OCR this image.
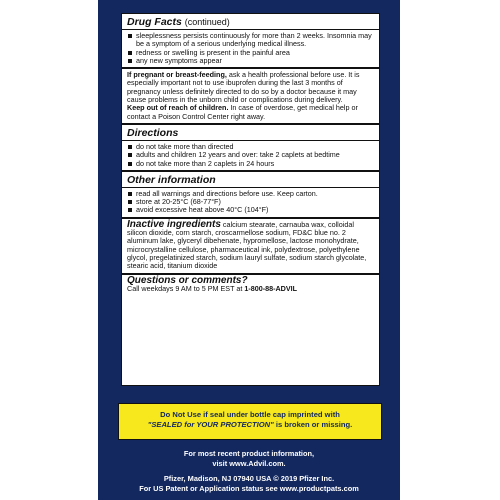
Drug Facts (continued)
sleeplessness persists continuously for more than 2 weeks. Insomnia may be a symptom of a serious underlying medical illness.
redness or swelling is present in the painful area
any new symptoms appear

If pregnant or breast-feeding, ask a health professional before use. It is especially important not to use ibuprofen during the last 3 months of pregnancy unless definitely directed to do so by a doctor because it may cause problems in the unborn child or complications during delivery.

Keep out of reach of children. In case of overdose, get medical help or contact a Poison Control Center right away.

Directions
do not take more than directed
adults and children 12 years and over: take 2 caplets at bedtime
do not take more than 2 caplets in 24 hours
Other information
read all warnings and directions before use. Keep carton.
store at 20-25°C (68-77°F)
avoid excessive heat above 40°C (104°F)

Inactive ingredients calcium stearate, carnauba wax, colloidal silicon dioxide, corn starch, croscarmellose sodium, FD&C blue no. 2 aluminum lake, glyceryl dibehenate, hypromellose, lactose monohydrate, microcrystalline cellulose, pharmaceutical ink, polydextrose, polyethylene glycol, pregelatinized starch, sodium lauryl sulfate, sodium starch glycolate, stearic acid, titanium dioxide

Questions or comments?

Call weekdays 9 AM to 5 PM EST at 1-800-88-ADVIL

Do Not Use if seal under bottle cap imprinted with
"SEALED for YOUR PROTECTION" is broken or missing.
For most recent product information,
visit www.Advil.com.
Pfizer, Madison, NJ 07940 USA © 2019 Pfizer Inc.
For US Patent or Application status see www.productpats.com
